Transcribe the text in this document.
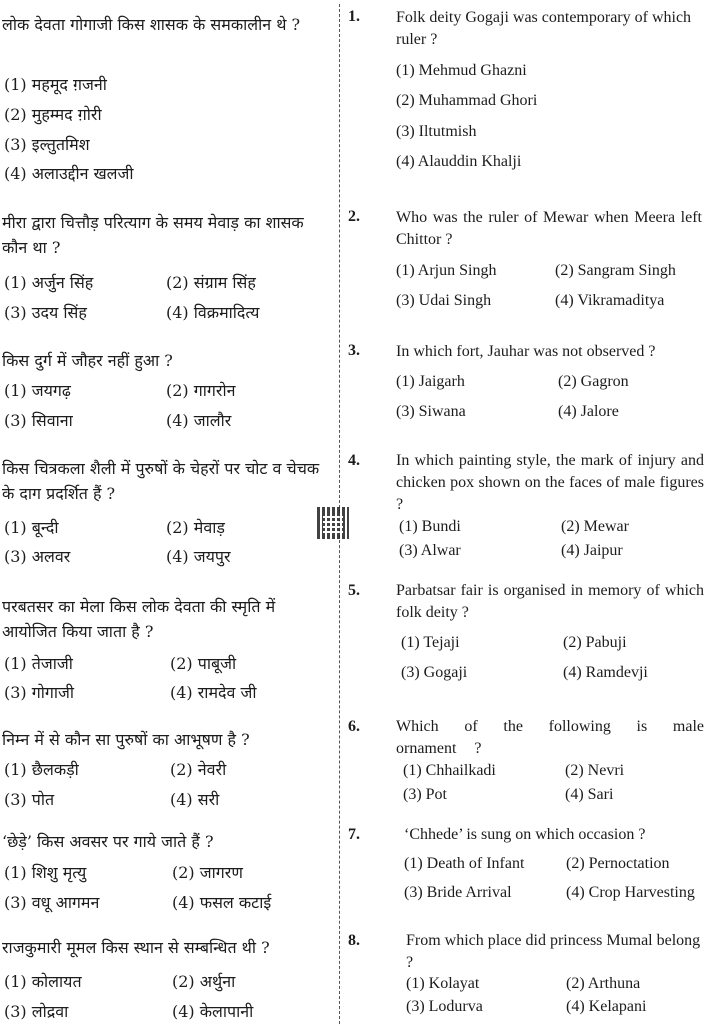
लोक देवता गोगाजी किस शासक के समकालीन थे ?
(1) महमूद ग़जनी
(2) मुहम्मद ग़ोरी
(3) इल्तुतमिश
(4) अलाउद्दीन खलजी
1. Folk deity Gogaji was contemporary of which ruler ?
(1) Mehmud Ghazni
(2) Muhammad Ghori
(3) Iltutmish
(4) Alauddin Khalji
मीरा द्वारा चित्तौड़ परित्याग के समय मेवाड़ का शासक कौन था ?
(1) अर्जुन सिंह	(2) संग्राम सिंह
(3) उदय सिंह	(4) विक्रमादित्य
2. Who was the ruler of Mewar when Meera left Chittor ?
(1) Arjun Singh	(2) Sangram Singh
(3) Udai Singh	(4) Vikramaditya
किस दुर्ग में जौहर नहीं हुआ ?
(1) जयगढ़	(2) गागरोन
(3) सिवाना	(4) जालौर
3. In which fort, Jauhar was not observed ?
(1) Jaigarh	(2) Gagron
(3) Siwana	(4) Jalore
किस चित्रकला शैली में पुरुषों के चेहरों पर चोट व चेचक के दाग प्रदर्शित हैं ?
(1) बून्दी	(2) मेवाड़
(3) अलवर	(4) जयपुर
4. In which painting style, the mark of injury and chicken pox shown on the faces of male figures ?
(1) Bundi	(2) Mewar
(3) Alwar	(4) Jaipur
परबतसर का मेला किस लोक देवता की स्मृति में आयोजित किया जाता है ?
(1) तेजाजी	(2) पाबूजी
(3) गोगाजी	(4) रामदेव जी
5. Parbatsar fair is organised in memory of which folk deity ?
(1) Tejaji	(2) Pabuji
(3) Gogaji	(4) Ramdevji
निम्न में से कौन सा पुरुषों का आभूषण है ?
(1) छैलकड़ी	(2) नेवरी
(3) पोत	(4) सरी
6. Which of the following is male ornament ?
(1) Chhailkadi	(2) Nevri
(3) Pot	(4) Sari
‘छेड़े’ किस अवसर पर गाये जाते हैं ?
(1) शिशु मृत्यु	(2) जागरण
(3) वधू आगमन	(4) फसल कटाई
7.	‘Chhede’ is sung on which occasion ?
(1) Death of Infant	(2) Pernoctation
(3) Bride Arrival	(4) Crop Harvesting
राजकुमारी मूमल किस स्थान से सम्बन्धित थी ?
(1) कोलायत	(2) अर्थुना
(3) लोद्रवा	(4) केलापानी
8.	From which place did princess Mumal belong ?
(1) Kolayat	(2) Arthuna
(3) Lodurva	(4) Kelapani
